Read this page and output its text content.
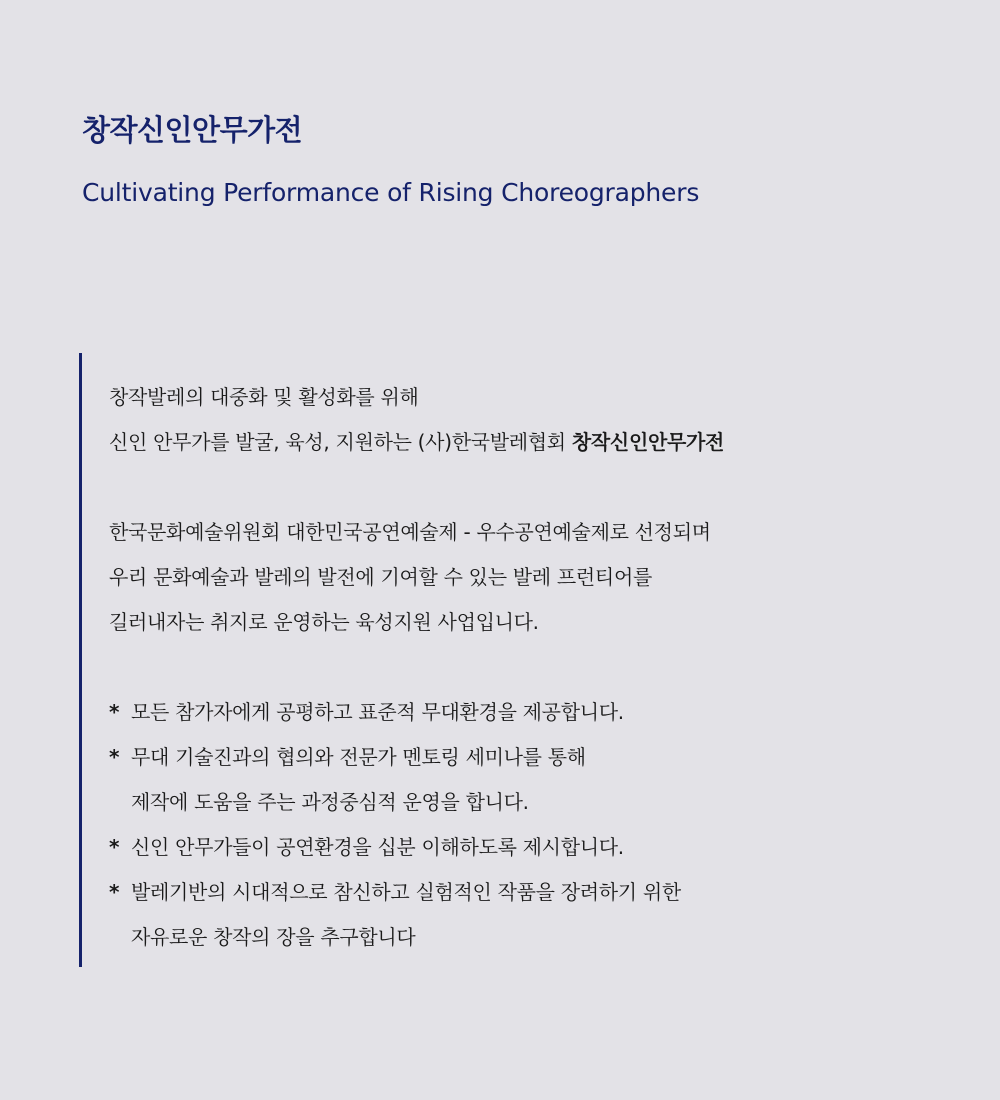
창작신인안무가전
Cultivating Performance of Rising Choreographers
창작발레의 대중화 및 활성화를 위해
신인 안무가를 발굴, 육성, 지원하는 (사)한국발레협회 창작신인안무가전
한국문화예술위원회 대한민국공연예술제 - 우수공연예술제로 선정되며
우리 문화예술과 발레의 발전에 기여할 수 있는 발레 프런티어를
길러내자는 취지로 운영하는 육성지원 사업입니다.
* 모든 참가자에게 공평하고 표준적 무대환경을 제공합니다.
* 무대 기술진과의 협의와 전문가 멘토링 세미나를 통해
제작에 도움을 주는 과정중심적 운영을 합니다.
* 신인 안무가들이 공연환경을 십분 이해하도록 제시합니다.
* 발레기반의 시대적으로 참신하고 실험적인 작품을 장려하기 위한
자유로운 창작의 장을 추구합니다
